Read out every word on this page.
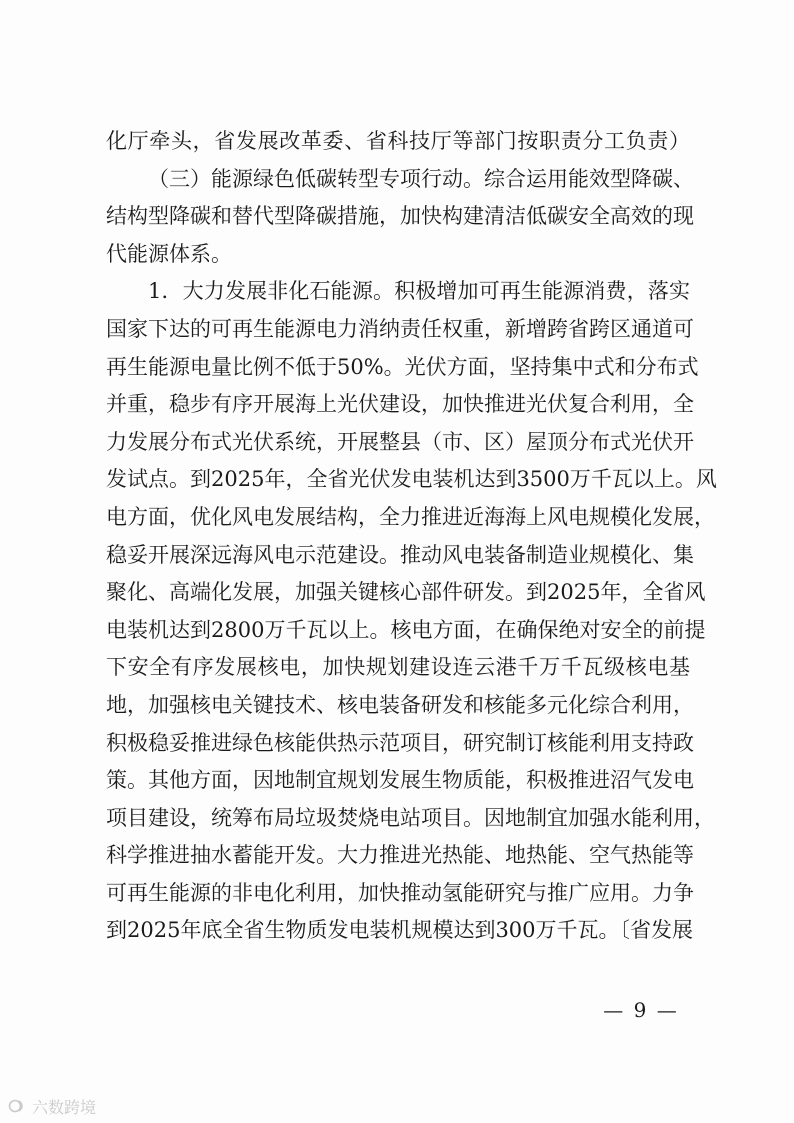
化厅牵头，省发展改革委、省科技厅等部门按职责分工负责）
（三）能源绿色低碳转型专项行动。综合运用能效型降碳、
结构型降碳和替代型降碳措施，加快构建清洁低碳安全高效的现
代能源体系。
1．大力发展非化石能源。积极增加可再生能源消费，落实
国家下达的可再生能源电力消纳责任权重，新增跨省跨区通道可
再生能源电量比例不低于50%。光伏方面，坚持集中式和分布式
并重，稳步有序开展海上光伏建设，加快推进光伏复合利用，全
力发展分布式光伏系统，开展整县（市、区）屋顶分布式光伏开
发试点。到2025年，全省光伏发电装机达到3500万千瓦以上。风
电方面，优化风电发展结构，全力推进近海海上风电规模化发展，
稳妥开展深远海风电示范建设。推动风电装备制造业规模化、集
聚化、高端化发展，加强关键核心部件研发。到2025年，全省风
电装机达到2800万千瓦以上。核电方面，在确保绝对安全的前提
下安全有序发展核电，加快规划建设连云港千万千瓦级核电基
地，加强核电关键技术、核电装备研发和核能多元化综合利用，
积极稳妥推进绿色核能供热示范项目，研究制订核能利用支持政
策。其他方面，因地制宜规划发展生物质能，积极推进沼气发电
项目建设，统筹布局垃圾焚烧电站项目。因地制宜加强水能利用，
科学推进抽水蓄能开发。大力推进光热能、地热能、空气热能等
可再生能源的非电化利用，加快推动氢能研究与推广应用。力争
到2025年底全省生物质发电装机规模达到300万千瓦。〔省发展
— 9 —
六数跨境
